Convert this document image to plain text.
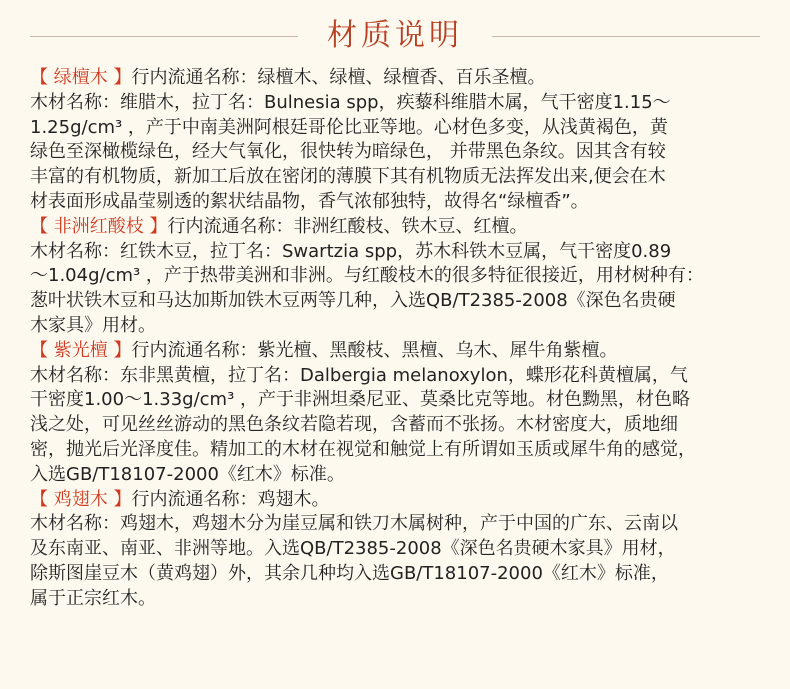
材质说明
【 绿檀木 】行内流通名称：绿檀木、绿檀、绿檀香、百乐圣檀。
木材名称：维腊木，拉丁名：Bulnesia spp，疾藜科维腊木属，气干密度1.15～
1.25g/cm³ ，产于中南美洲阿根廷哥伦比亚等地。心材色多变，从浅黄褐色，黄
绿色至深橄榄绿色，经大气氧化，很快转为暗绿色， 并带黑色条纹。因其含有较
丰富的有机物质，新加工后放在密闭的薄膜下其有机物质无法挥发出来,便会在木
材表面形成晶莹剔透的絮状结晶物，香气浓郁独特，故得名“绿檀香”。
【 非洲红酸枝 】行内流通名称：非洲红酸枝、铁木豆、红檀。
木材名称：红铁木豆，拉丁名：Swartzia spp，苏木科铁木豆属，气干密度0.89
～1.04g/cm³ ，产于热带美洲和非洲。与红酸枝木的很多特征很接近，用材树种有：
葱叶状铁木豆和马达加斯加铁木豆两等几种，入选QB/T2385-2008《深色名贵硬
木家具》用材。
【 紫光檀 】行内流通名称：紫光檀、黑酸枝、黑檀、乌木、犀牛角紫檀。
木材名称：东非黑黄檀，拉丁名：Dalbergia melanoxylon，蝶形花科黄檀属，气
干密度1.00～1.33g/cm³ ，产于非洲坦桑尼亚、莫桑比克等地。材色黝黑，材色略
浅之处，可见丝丝游动的黑色条纹若隐若现，含蓄而不张扬。木材密度大，质地细
密，抛光后光泽度佳。精加工的木材在视觉和触觉上有所谓如玉质或犀牛角的感觉，
入选GB/T18107-2000《红木》标准。
【 鸡翅木 】行内流通名称：鸡翅木。
木材名称：鸡翅木，鸡翅木分为崖豆属和铁刀木属树种，产于中国的广东、云南以
及东南亚、南亚、非洲等地。入选QB/T2385-2008《深色名贵硬木家具》用材，
除斯图崖豆木（黄鸡翅）外，其余几种均入选GB/T18107-2000《红木》标准，
属于正宗红木。
